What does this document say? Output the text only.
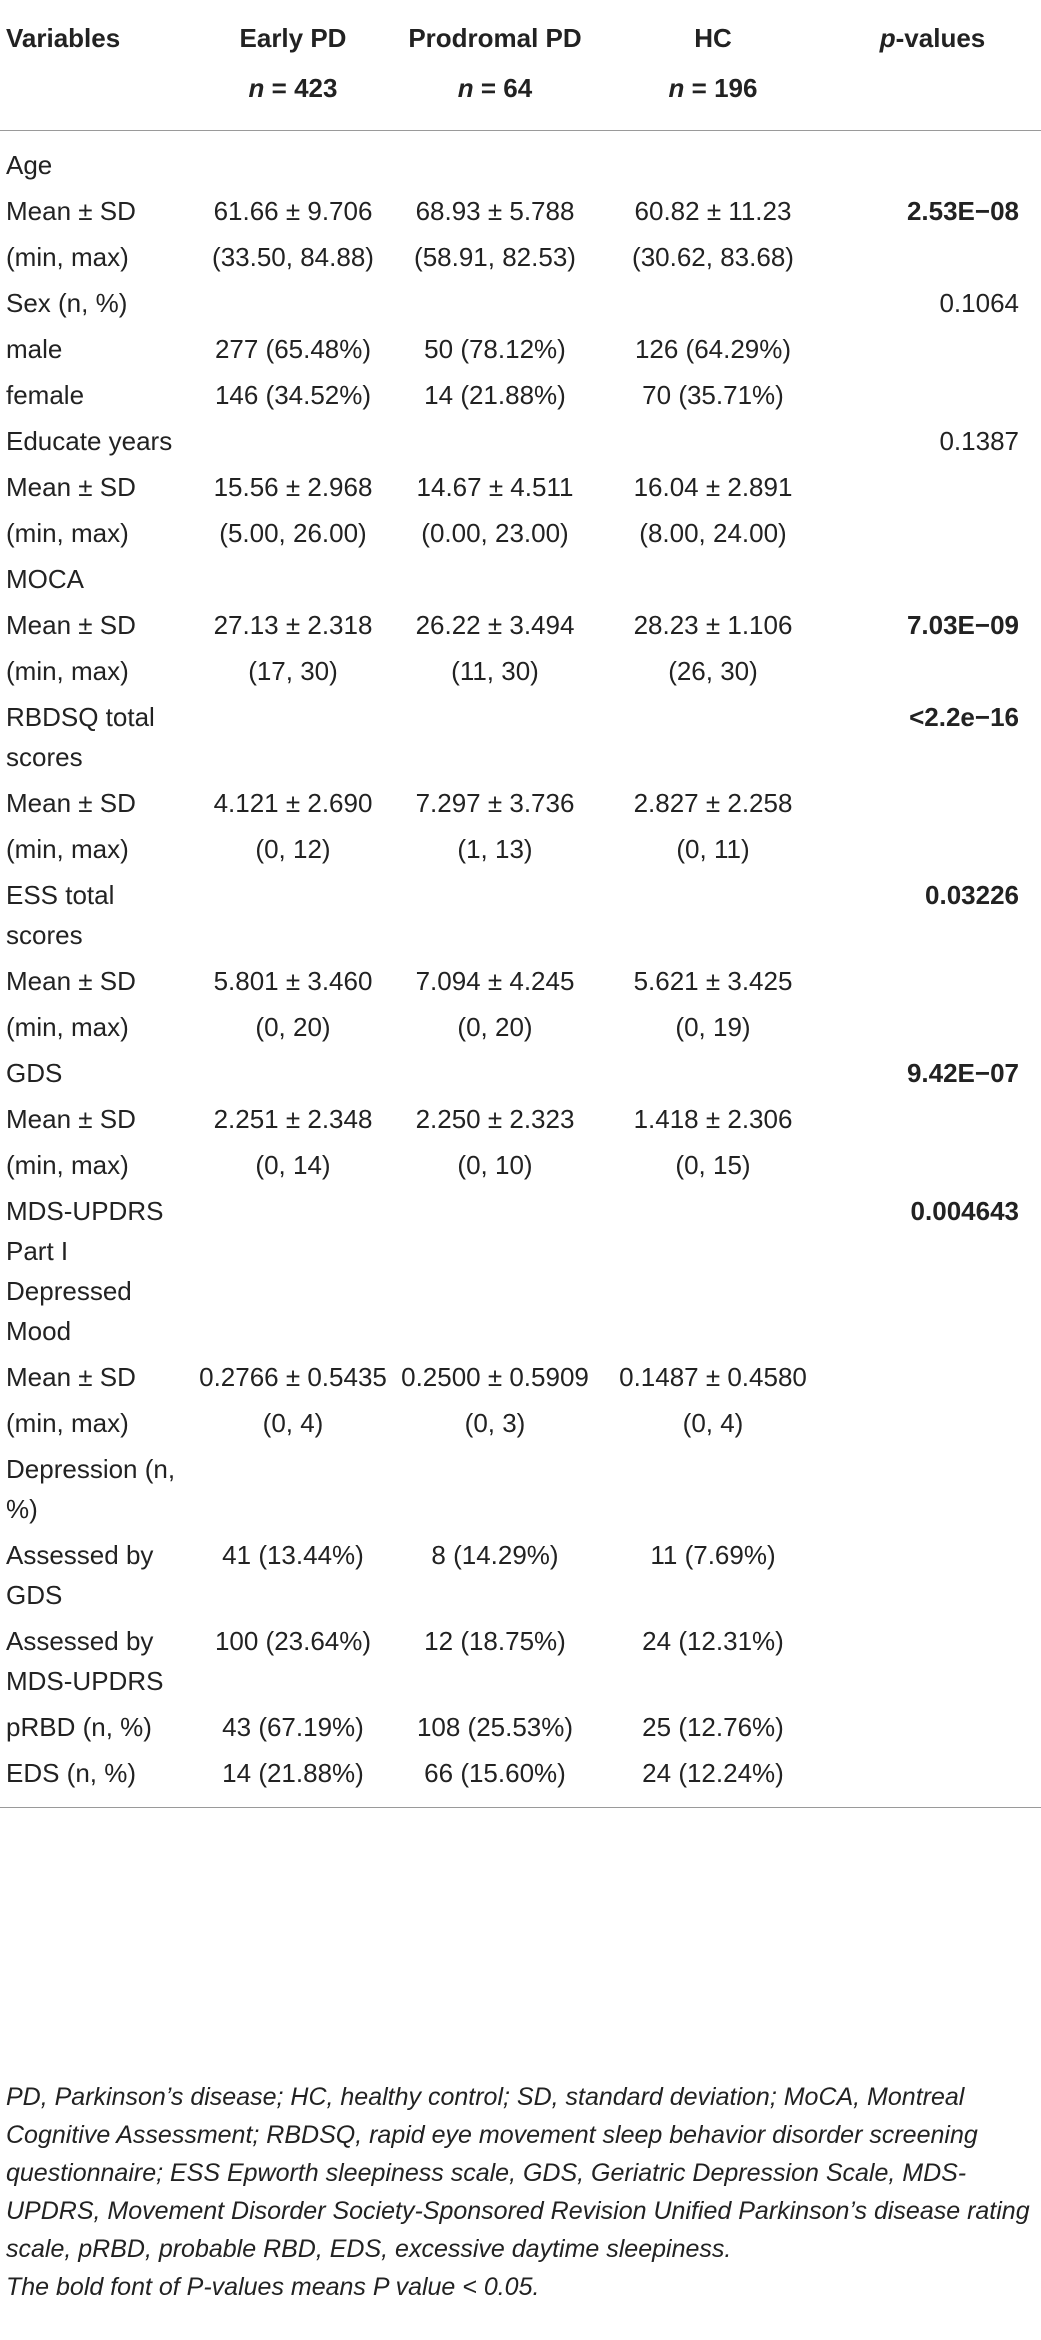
Variables	Early PD	Prodromal PD	HC	p-values
	n = 423	n = 64	n = 196	
Age				
Mean ± SD	61.66 ± 9.706	68.93 ± 5.788	60.82 ± 11.23	2.53E−08
(min, max)	(33.50, 84.88)	(58.91, 82.53)	(30.62, 83.68)	
Sex (n, %)				0.1064
male	277 (65.48%)	50 (78.12%)	126 (64.29%)	
female	146 (34.52%)	14 (21.88%)	70 (35.71%)	
Educate years				0.1387
Mean ± SD	15.56 ± 2.968	14.67 ± 4.511	16.04 ± 2.891	
(min, max)	(5.00, 26.00)	(0.00, 23.00)	(8.00, 24.00)	
MOCA				
Mean ± SD	27.13 ± 2.318	26.22 ± 3.494	28.23 ± 1.106	7.03E−09
(min, max)	(17, 30)	(11, 30)	(26, 30)	
RBDSQ total scores				<2.2e−16
Mean ± SD	4.121 ± 2.690	7.297 ± 3.736	2.827 ± 2.258	
(min, max)	(0, 12)	(1, 13)	(0, 11)	
ESS total scores				0.03226
Mean ± SD	5.801 ± 3.460	7.094 ± 4.245	5.621 ± 3.425	
(min, max)	(0, 20)	(0, 20)	(0, 19)	
GDS				9.42E−07
Mean ± SD	2.251 ± 2.348	2.250 ± 2.323	1.418 ± 2.306	
(min, max)	(0, 14)	(0, 10)	(0, 15)	
MDS-UPDRS Part I Depressed Mood				0.004643
Mean ± SD	0.2766 ± 0.5435	0.2500 ± 0.5909	0.1487 ± 0.4580	
(min, max)	(0, 4)	(0, 3)	(0, 4)	
Depression (n, %)				
Assessed by GDS	41 (13.44%)	8 (14.29%)	11 (7.69%)	
Assessed by MDS-UPDRS	100 (23.64%)	12 (18.75%)	24 (12.31%)	
pRBD (n, %)	43 (67.19%)	108 (25.53%)	25 (12.76%)	
EDS (n, %)	14 (21.88%)	66 (15.60%)	24 (12.24%)	

PD, Parkinson’s disease; HC, healthy control; SD, standard deviation; MoCA, Montreal Cognitive Assessment; RBDSQ, rapid eye movement sleep behavior disorder screening questionnaire; ESS Epworth sleepiness scale, GDS, Geriatric Depression Scale, MDS-UPDRS, Movement Disorder Society-Sponsored Revision Unified Parkinson’s disease rating scale, pRBD, probable RBD, EDS, excessive daytime sleepiness.

The bold font of P-values means P value < 0.05.
